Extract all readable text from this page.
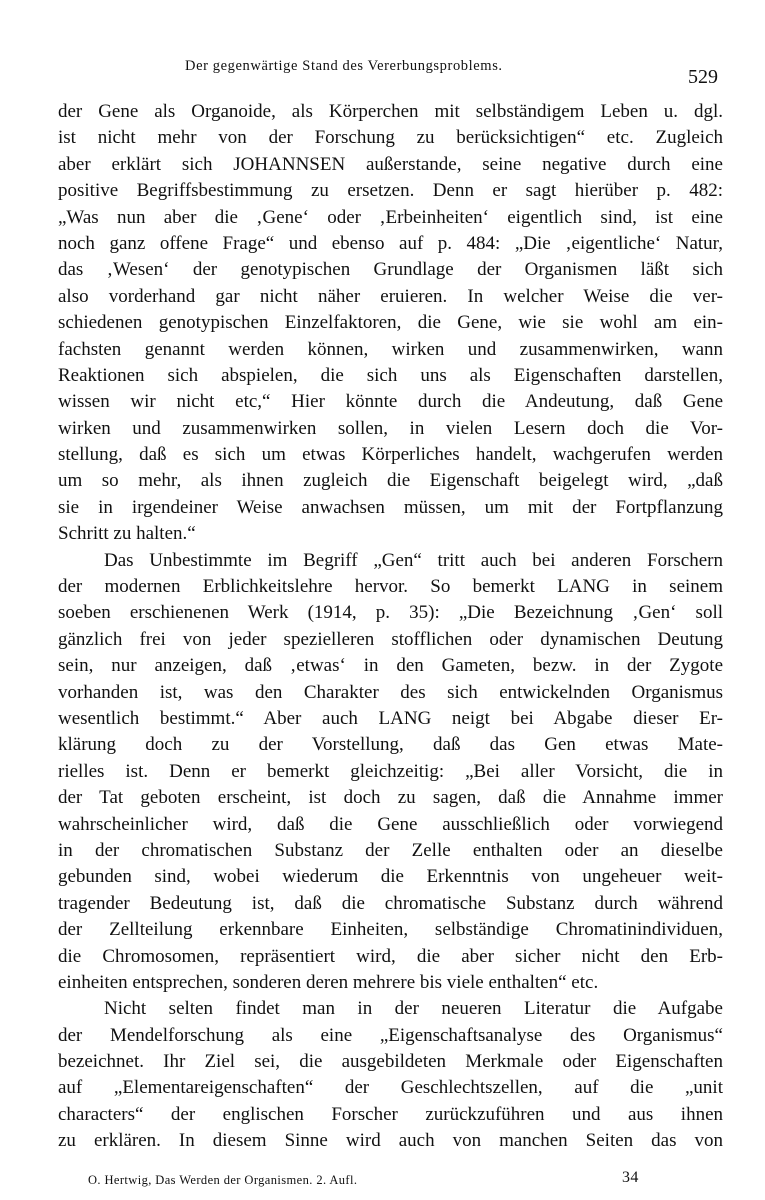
Der gegenwärtige Stand des Vererbungsproblems.	529
der Gene als Organoide, als Körperchen mit selbständigem Leben u. dgl.
ist nicht mehr von der Forschung zu berücksichtigen“ etc. Zugleich
aber erklärt sich JOHANNSEN außerstande, seine negative durch eine
positive Begriffsbestimmung zu ersetzen. Denn er sagt hierüber p. 482:
„Was nun aber die ‚Gene‘ oder ‚Erbeinheiten‘ eigentlich sind, ist eine
noch ganz offene Frage“ und ebenso auf p. 484: „Die ‚eigentliche‘ Natur,
das ‚Wesen‘ der genotypischen Grundlage der Organismen läßt sich
also vorderhand gar nicht näher eruieren. In welcher Weise die ver-
schiedenen genotypischen Einzelfaktoren, die Gene, wie sie wohl am ein-
fachsten genannt werden können, wirken und zusammenwirken, wann
Reaktionen sich abspielen, die sich uns als Eigenschaften darstellen,
wissen wir nicht etc,“ Hier könnte durch die Andeutung, daß Gene
wirken und zusammenwirken sollen, in vielen Lesern doch die Vor-
stellung, daß es sich um etwas Körperliches handelt, wachgerufen werden
um so mehr, als ihnen zugleich die Eigenschaft beigelegt wird, „daß
sie in irgendeiner Weise anwachsen müssen, um mit der Fortpflanzung
Schritt zu halten.“
Das Unbestimmte im Begriff „Gen“ tritt auch bei anderen Forschern
der modernen Erblichkeitslehre hervor. So bemerkt LANG in seinem
soeben erschienenen Werk (1914, p. 35): „Die Bezeichnung ‚Gen‘ soll
gänzlich frei von jeder spezielleren stofflichen oder dynamischen Deutung
sein, nur anzeigen, daß ‚etwas‘ in den Gameten, bezw. in der Zygote
vorhanden ist, was den Charakter des sich entwickelnden Organismus
wesentlich bestimmt.“ Aber auch LANG neigt bei Abgabe dieser Er-
klärung doch zu der Vorstellung, daß das Gen etwas Mate-
rielles ist. Denn er bemerkt gleichzeitig: „Bei aller Vorsicht, die in
der Tat geboten erscheint, ist doch zu sagen, daß die Annahme immer
wahrscheinlicher wird, daß die Gene ausschließlich oder vorwiegend
in der chromatischen Substanz der Zelle enthalten oder an dieselbe
gebunden sind, wobei wiederum die Erkenntnis von ungeheuer weit-
tragender Bedeutung ist, daß die chromatische Substanz durch während
der Zellteilung erkennbare Einheiten, selbständige Chromatinindividuen,
die Chromosomen, repräsentiert wird, die aber sicher nicht den Erb-
einheiten entsprechen, sonderen deren mehrere bis viele enthalten“ etc.
Nicht selten findet man in der neueren Literatur die Aufgabe
der Mendelforschung als eine „Eigenschaftsanalyse des Organismus“
bezeichnet. Ihr Ziel sei, die ausgebildeten Merkmale oder Eigenschaften
auf „Elementareigenschaften“ der Geschlechtszellen, auf die „unit
characters“ der englischen Forscher zurückzuführen und aus ihnen
zu erklären. In diesem Sinne wird auch von manchen Seiten das von
O. Hertwig, Das Werden der Organismen. 2. Aufl.	34
